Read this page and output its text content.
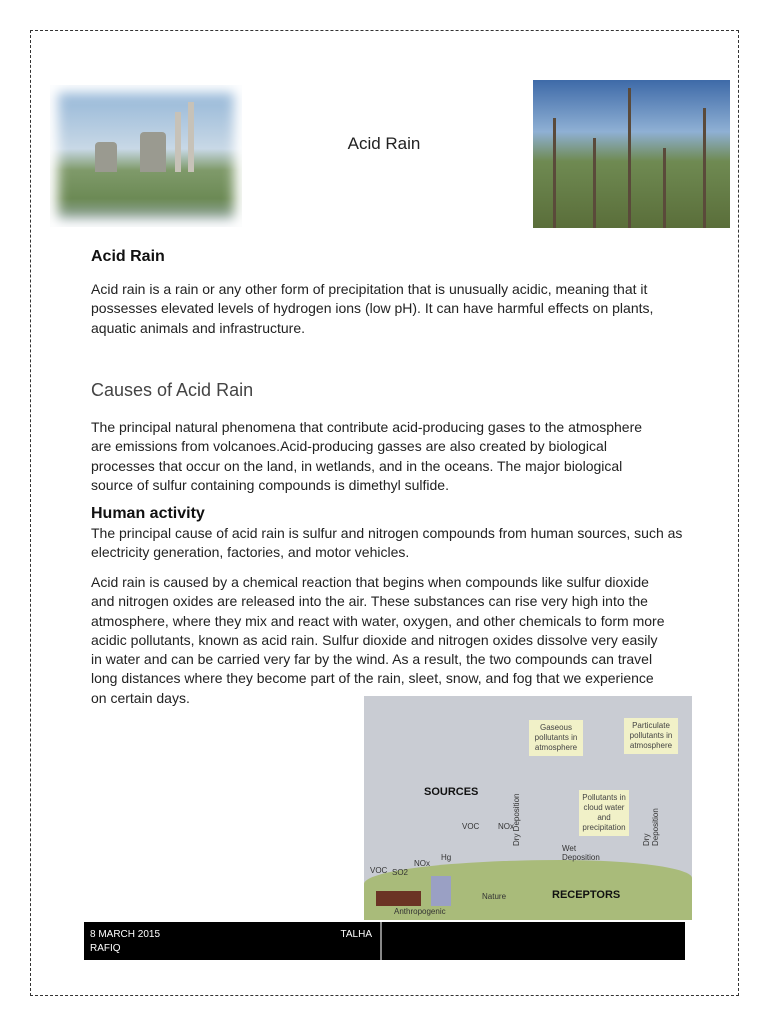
Acid Rain
Acid Rain
Acid rain is a rain or any other form of precipitation that is unusually acidic, meaning that it possesses elevated levels of hydrogen ions (low pH). It can have harmful effects on plants, aquatic animals and infrastructure.
Causes of Acid Rain
The principal natural phenomena that contribute acid-producing gases to the atmosphere are emissions from volcanoes.Acid-producing gasses are also created by biological processes that occur on the land, in wetlands, and in the oceans. The major biological source of sulfur containing compounds is dimethyl sulfide.
Human activity
The principal cause of acid rain is sulfur and nitrogen compounds from human sources, such as electricity generation, factories, and motor vehicles.
Acid rain is caused by a chemical reaction that begins when compounds like sulfur dioxide and nitrogen oxides are released into the air. These substances can rise very high into the atmosphere, where they mix and react with water, oxygen, and other chemicals to form more acidic pollutants, known as acid rain. Sulfur dioxide and nitrogen oxides dissolve very easily in water and can be carried very far by the wind. As a result, the two compounds can travel long distances where they become part of the rain, sleet, snow, and fog that we experience on certain days.
Gaseous pollutants in atmosphere
Particulate pollutants in atmosphere
Pollutants in cloud water and precipitation
SOURCES
RECEPTORS
Dry Deposition	Dry Deposition
Wet Deposition
VOC NOx
VOC SO2
NOx
Hg
Nature
Anthropogenic
8 MARCH 2015	TALHA

RAFIQ
